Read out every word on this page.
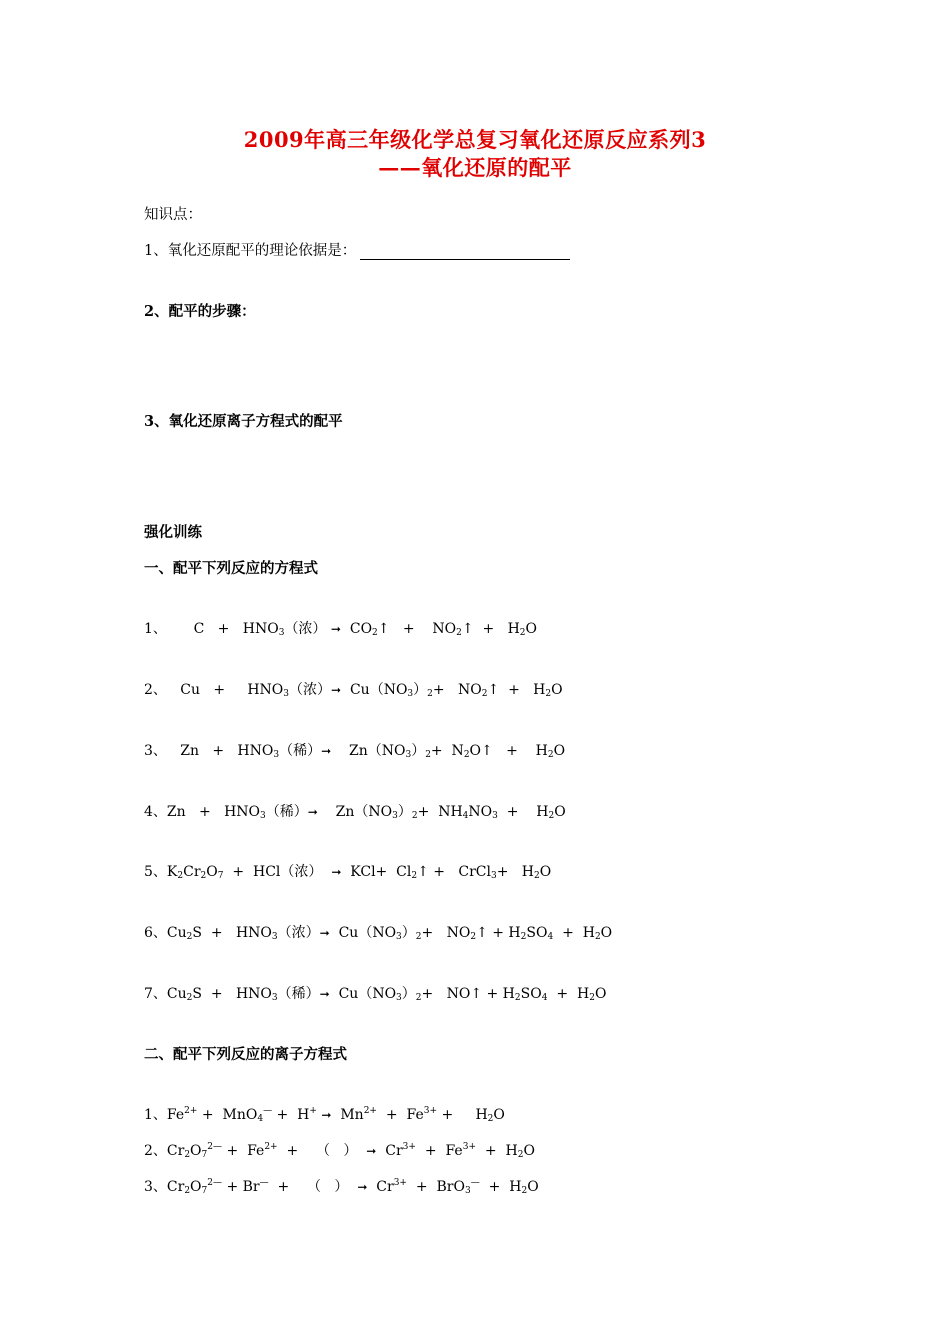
2009年高三年级化学总复习氧化还原反应系列3
——氧化还原的配平
知识点：
1、氧化还原配平的理论依据是：
2、配平的步骤：
3、氧化还原离子方程式的配平
强化训练
一、配平下列反应的方程式
1、      $C + HNO_3$（浓） ➞  $CO_2↑$   +    $NO_2↑ + H_2O$
2、   Cu   +     $HNO_3$（浓）➞  $Cu(NO_3)_2+$   $NO_2↑ + H_2O$
3、   $Zn + HNO_3$（稀）➞    $Zn(NO_3)_2+$  $N_2O↑$   +    $H_2O$
4、$Zn + HNO_3$（稀）➞    $Zn(NO_3)_2+ NH_4NO_3$  +    $H_2O$
5、$K_2Cr_2O_7 + HCl$（浓）  ➞  $KCl+ Cl_2↑$ +   CrCl$_3$+   $H_2O$
6、$Cu_2S + HNO_3$（浓）➞  $Cu(NO_3)_2+$   $NO_2↑ + H_2SO_4 + H_2O$
7、$Cu_2S + HNO_3$（稀）➞  $Cu(NO_3)_2+$   NO↑ + $H_2SO_4 + H_2O$
二、配平下列反应的离子方程式
1、$Fe^{2+} + MnO_4^— + H^+$ ➞  $Mn^{2+} + Fe^{3+}$ +     $H_2O$
2、$Cr_2O_7^{2—} + Fe^{2+}$  +    （   ）  ➞  $Cr^{3+} + Fe^{3+} + H_2O$
3、$Cr_2O_7^{2—} + Br^—$  +    （   ）  ➞  $Cr^{3+} + BrO_3^— + H_2O$
